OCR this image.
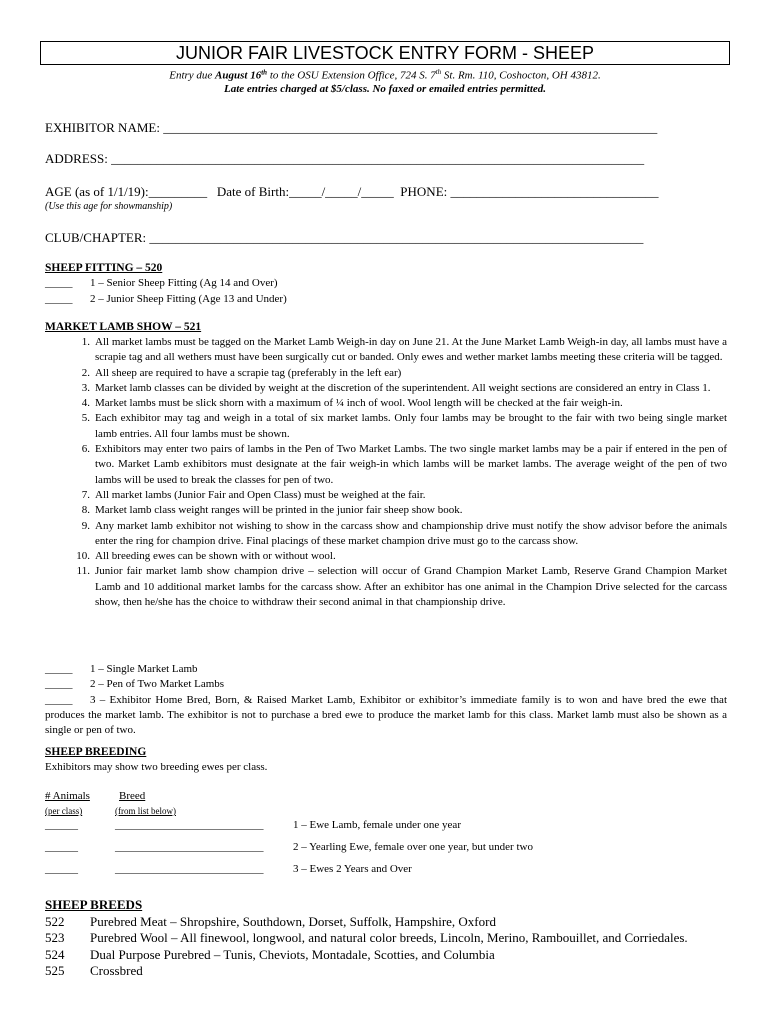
JUNIOR FAIR LIVESTOCK ENTRY FORM - SHEEP
Entry due August 16th to the OSU Extension Office, 724 S. 7th St. Rm. 110, Coshocton, OH 43812.
Late entries charged at $5/class. No faxed or emailed entries permitted.
EXHIBITOR NAME: ____________________________________________________________________________
ADDRESS: __________________________________________________________________________________
AGE (as of 1/1/19):_________   Date of Birth:_____/_____/_____  PHONE: ________________________________
(Use this age for showmanship)
CLUB/CHAPTER: ____________________________________________________________________________
SHEEP FITTING – 520
_____	1 – Senior Sheep Fitting (Ag 14 and Over)
_____	2 – Junior Sheep Fitting (Age 13 and Under)
MARKET LAMB SHOW – 521
1. All market lambs must be tagged on the Market Lamb Weigh-in day on June 21. At the June Market Lamb Weigh-in day, all lambs must have a scrapie tag and all wethers must have been surgically cut or banded. Only ewes and wether market lambs meeting these criteria will be tagged.
2. All sheep are required to have a scrapie tag (preferably in the left ear)
3. Market lamb classes can be divided by weight at the discretion of the superintendent. All weight sections are considered an entry in Class 1.
4. Market lambs must be slick shorn with a maximum of ¼ inch of wool. Wool length will be checked at the fair weigh-in.
5. Each exhibitor may tag and weigh in a total of six market lambs. Only four lambs may be brought to the fair with two being single market lamb entries. All four lambs must be shown.
6. Exhibitors may enter two pairs of lambs in the Pen of Two Market Lambs. The two single market lambs may be a pair if entered in the pen of two. Market Lamb exhibitors must designate at the fair weigh-in which lambs will be market lambs. The average weight of the pen of two lambs will be used to break the classes for pen of two.
7. All market lambs (Junior Fair and Open Class) must be weighed at the fair.
8. Market lamb class weight ranges will be printed in the junior fair sheep show book.
9. Any market lamb exhibitor not wishing to show in the carcass show and championship drive must notify the show advisor before the animals enter the ring for champion drive. Final placings of these market champion drive must go to the carcass show.
10. All breeding ewes can be shown with or without wool.
11. Junior fair market lamb show champion drive – selection will occur of Grand Champion Market Lamb, Reserve Grand Champion Market Lamb and 10 additional market lambs for the carcass show. After an exhibitor has one animal in the Champion Drive selected for the carcass show, then he/she has the choice to withdraw their second animal in that championship drive.
_____	1 – Single Market Lamb
_____	2 – Pen of Two Market Lambs
_____ 3 – Exhibitor Home Bred, Born, & Raised Market Lamb, Exhibitor or exhibitor’s immediate family is to won and have bred the ewe that produces the market lamb. The exhibitor is not to purchase a bred ewe to produce the market lamb for this class. Market lamb must also be shown as a single or pen of two.
SHEEP BREEDING
Exhibitors may show two breeding ewes per class.
# Animals	Breed
(per class)	(from list below)
______	___________________________	1 – Ewe Lamb, female under one year
______	___________________________	2 – Yearling Ewe, female over one year, but under two
______	___________________________	3 – Ewes 2 Years and Over
SHEEP BREEDS
522	Purebred Meat – Shropshire, Southdown, Dorset, Suffolk, Hampshire, Oxford
523	Purebred Wool – All finewool, longwool, and natural color breeds, Lincoln, Merino, Rambouillet, and Corriedales.
524	Dual Purpose Purebred – Tunis, Cheviots, Montadale, Scotties, and Columbia
525	Crossbred
